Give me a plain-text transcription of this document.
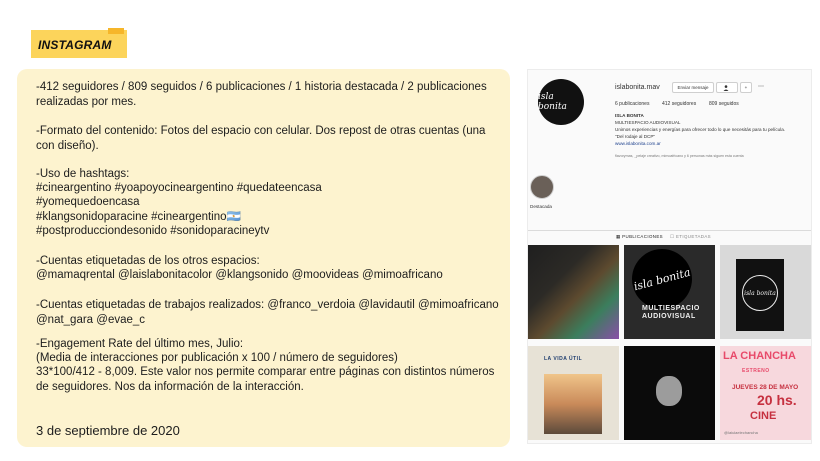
INSTAGRAM

-412 seguidores / 809 seguidos / 6 publicaciones / 1 historia destacada / 2 publicaciones realizadas por mes.

-Formato del contenido: Fotos del espacio con celular. Dos repost de otras cuentas (una con diseño).

-Uso de hashtags:

#cineargentino #yoapoyocineargentino #quedateencasa

#yomequedoencasa

#klangsonidoparacine #cineargentino🇦🇷

#postproducciondesonido #sonidoparacineytv

-Cuentas etiquetadas de los otros espacios:

@mamaqrental @laislabonitacolor @klangsonido @moovideas @mimoafricano

-Cuentas etiquetadas de trabajos realizados: @franco_verdoia @lavidautil @mimoafricano @nat_gara @evae_c

-Engagement Rate del último mes, Julio:

(Media de interacciones por publicación x 100 / número de seguidores)

33*100/412 - 8,009. Este valor nos permite comparar entre páginas con distintos números de seguidores. Nos da información de la interacción.

3 de septiembre de 2020
isla bonita
islabonita.mav	Enviar mensaje	+	⋯
6 publicaciones	412 seguidores	809 seguidos
ISLA BONITA
MULTIESPACIO AUDIOVISUAL
Unimos experiencias y energías para ofrecer todo lo que necesitás para tu película.
"Del rodaje al DCP"
www.islabonita.com.ar
flavorymas, _pelaje creativo, mimoafricano y 6 personas más siguen esta cuenta
Destacada
▦ PUBLICACIONES ☐ ETIQUETADAS
isla bonita
MULTIESPACIO AUDIOVISUAL
isla bonita
LA VIDA ÚTIL	LA CHANCHA
ESTRENO
JUEVES 28 DE MAYO
20 hs.
CINE
@laiulaelechancha
